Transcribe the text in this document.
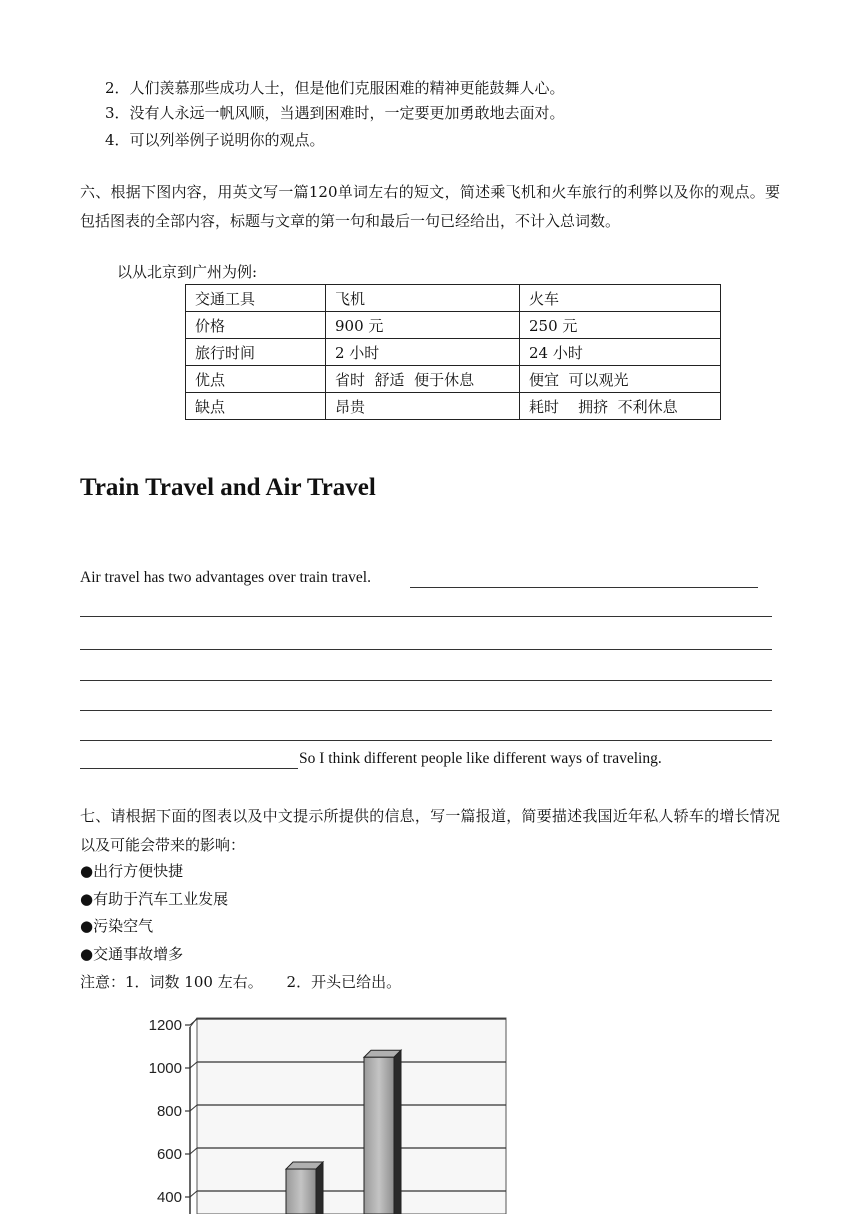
2．人们羡慕那些成功人士，但是他们克服困难的精神更能鼓舞人心。
3．没有人永远一帆风顺，当遇到困难时，一定要更加勇敢地去面对。
4．可以列举例子说明你的观点。
六、根据下图内容，用英文写一篇120单词左右的短文，简述乘飞机和火车旅行的利弊以及你的观点。要包括图表的全部内容，标题与文章的第一句和最后一句已经给出，不计入总词数。
以从北京到广州为例:
交通工具	飞机	火车
价格	900 元	250 元
旅行时间	2 小时	24 小时
优点	省时  舒适  便于休息	便宜  可以观光
缺点	昂贵	耗时    拥挤  不利休息
Train Travel and Air Travel
Air travel has two advantages over train travel.
So I think different people like different ways of traveling.
七、请根据下面的图表以及中文提示所提供的信息，写一篇报道，简要描述我国近年私人轿车的增长情况以及可能会带来的影响：
●出行方便快捷
●有助于汽车工业发展
●污染空气
●交通事故增多
注意：1．词数 100 左右。     2．开头已给出。
1200
1000
800
600
400
